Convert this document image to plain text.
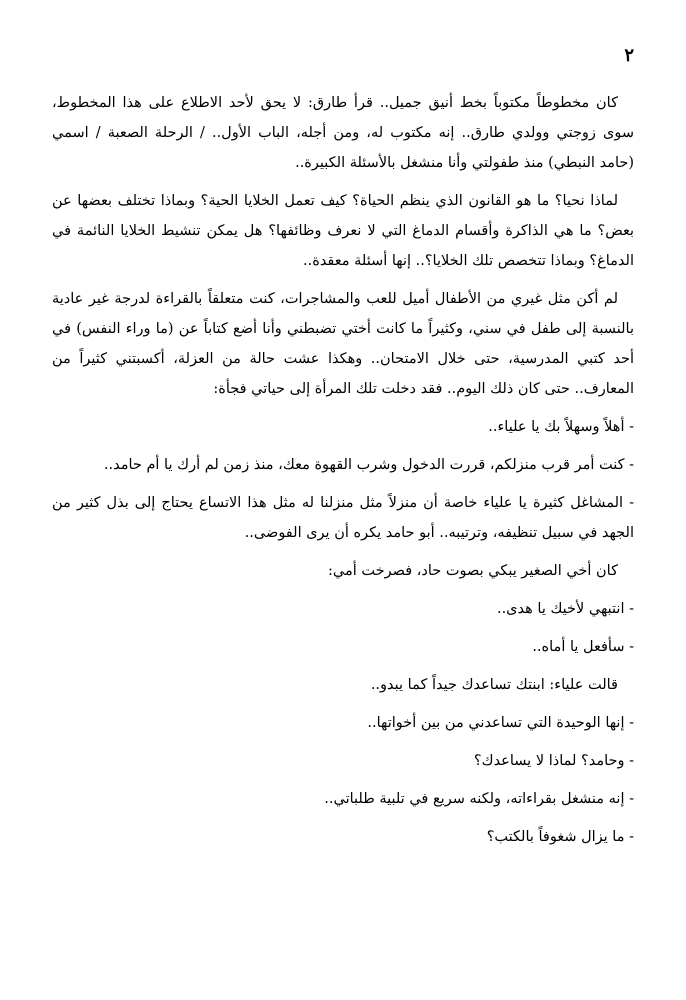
٢

كان مخطوطاً مكتوباً بخط أنيق جميل.. قرأ طارق: لا يحق لأحد الاطلاع على هذا المخطوط، سوى زوجتي وولدي طارق.. إنه مكتوب له، ومن أجله، الباب الأول.. / الرحلة الصعبة / اسمي (حامد النبطي) منذ طفولتي وأنا منشغل بالأسئلة الكبيرة..

لماذا نحيا؟ ما هو القانون الذي ينظم الحياة؟ كيف تعمل الخلايا الحية؟ وبماذا تختلف بعضها عن بعض؟ ما هي الذاكرة وأقسام الدماغ التي لا نعرف وظائفها؟ هل يمكن تنشيط الخلايا النائمة في الدماغ؟ وبماذا تتخصص تلك الخلايا؟.. إنها أسئلة معقدة..

لم أكن مثل غيري من الأطفال أميل للعب والمشاجرات، كنت متعلقاً بالقراءة لدرجة غير عادية بالنسبة إلى طفل في سني، وكثيراً ما كانت أختي تضبطني وأنا أضع كتاباً عن (ما وراء النفس) في أحد كتبي المدرسية، حتى خلال الامتحان.. وهكذا عشت حالة من العزلة، أكسبتني كثيراً من المعارف.. حتى كان ذلك اليوم.. فقد دخلت تلك المرأة إلى حياتي فجأة:

- أهلاً وسهلاً بك يا علياء..

- كنت أمر قرب منزلكم، قررت الدخول وشرب القهوة معك، منذ زمن لم أرك يا أم حامد..

- المشاغل كثيرة يا علياء خاصة أن منزلاً مثل منزلنا له مثل هذا الاتساع يحتاج إلى بذل كثير من الجهد في سبيل تنظيفه، وترتيبه.. أبو حامد يكره أن يرى الفوضى..

كان أخي الصغير يبكي بصوت حاد، فصرخت أمي:

- انتبهي لأخيك يا هدى..

- سأفعل يا أماه..

قالت علياء: ابنتك تساعدك جيداً كما يبدو..

- إنها الوحيدة التي تساعدني من بين أخواتها..

- وحامد؟ لماذا لا يساعدك؟

- إنه منشغل بقراءاته، ولكنه سريع في تلبية طلباتي..

- ما يزال شغوفاً بالكتب؟
